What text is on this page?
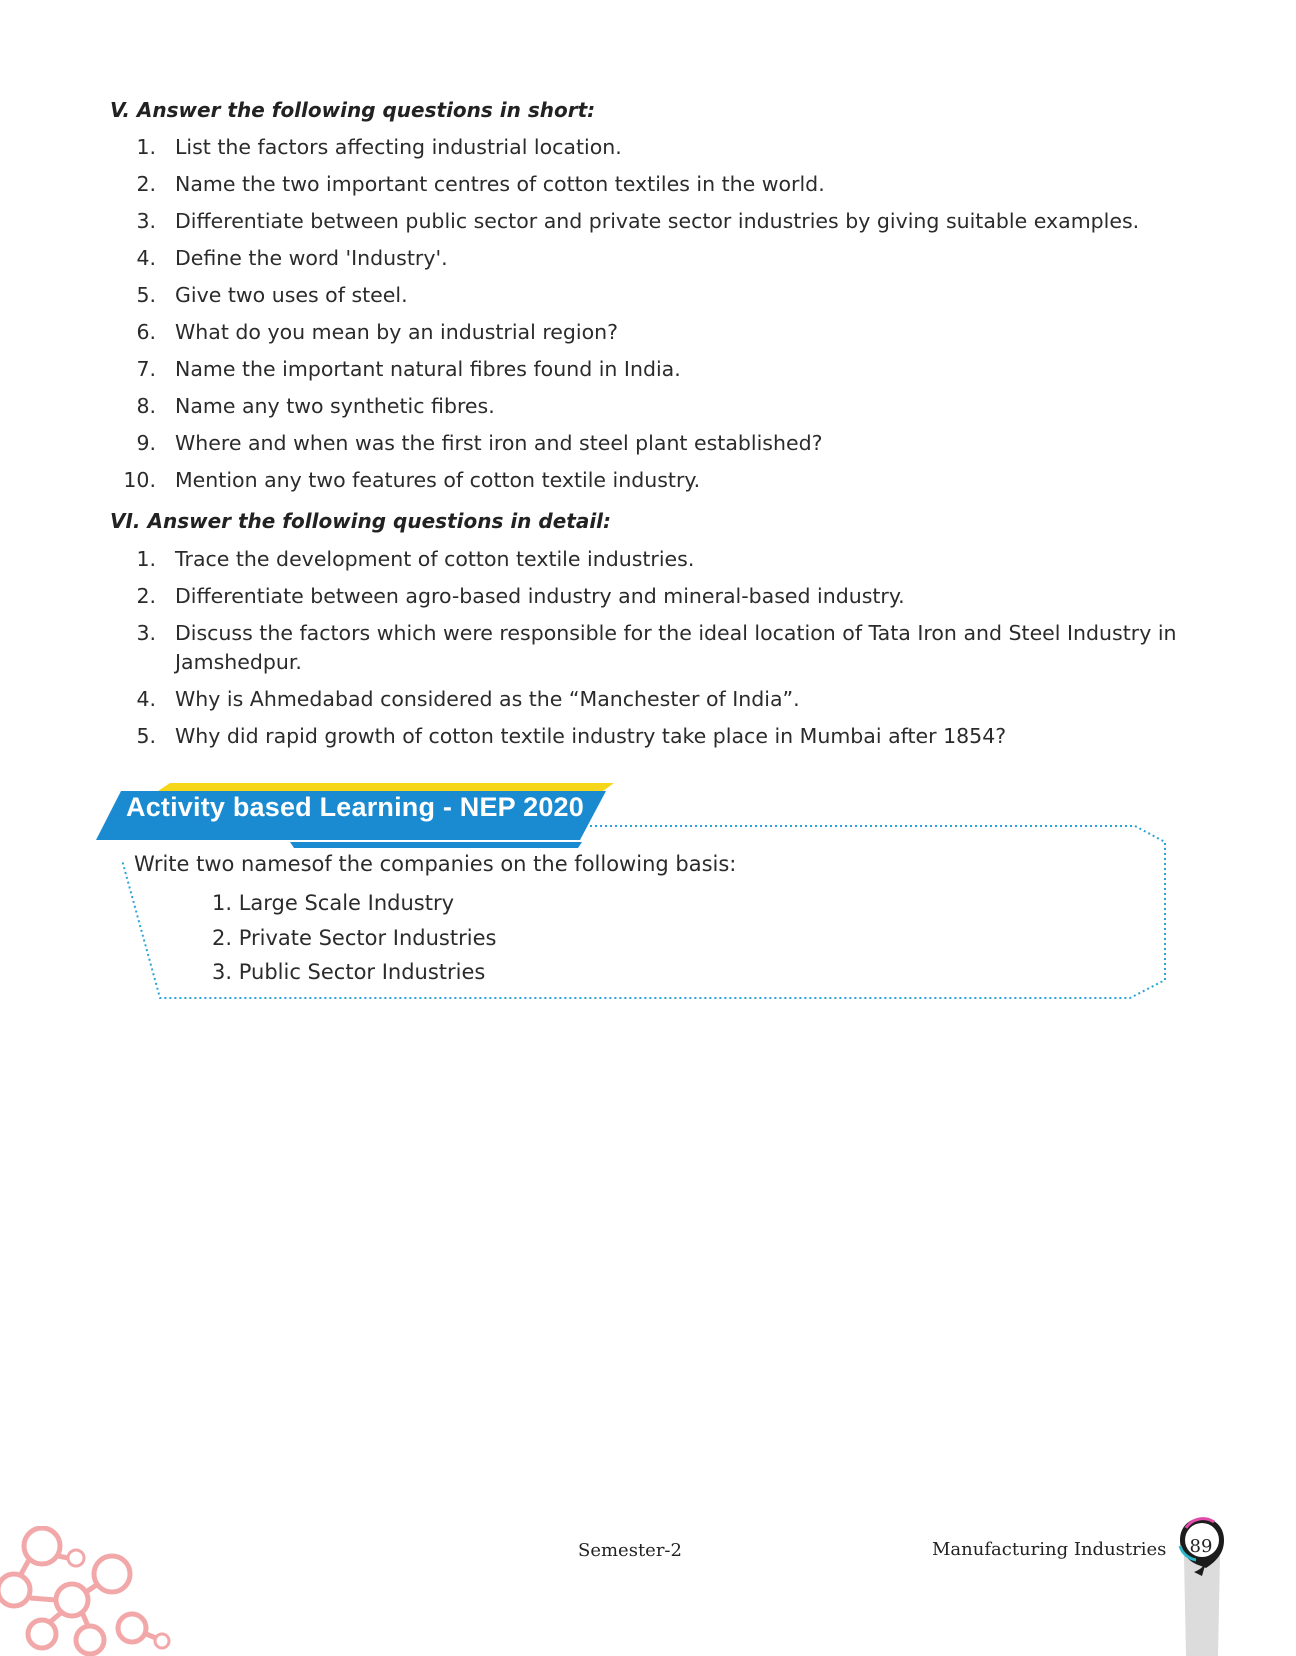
V. Answer the following questions in short:
1. List the factors affecting industrial location.
2. Name the two important centres of cotton textiles in the world.
3. Differentiate between public sector and private sector industries by giving suitable examples.
4. Define the word 'Industry'.
5. Give two uses of steel.
6. What do you mean by an industrial region?
7. Name the important natural fibres found in India.
8. Name any two synthetic fibres.
9. Where and when was the first iron and steel plant established?
10. Mention any two features of cotton textile industry.
VI. Answer the following questions in detail:
1. Trace the development of cotton textile industries.
2. Differentiate between agro-based industry and mineral-based industry.
3. Discuss the factors which were responsible for the ideal location of Tata Iron and Steel Industry in Jamshedpur.
4. Why is Ahmedabad considered as the “Manchester of India”.
5. Why did rapid growth of cotton textile industry take place in Mumbai after 1854?
Activity based Learning - NEP 2020

Write two namesof the companies on the following basis:

1. Large Scale Industry
2. Private Sector Industries
3. Public Sector Industries
Semester-2	Manufacturing Industries	89
